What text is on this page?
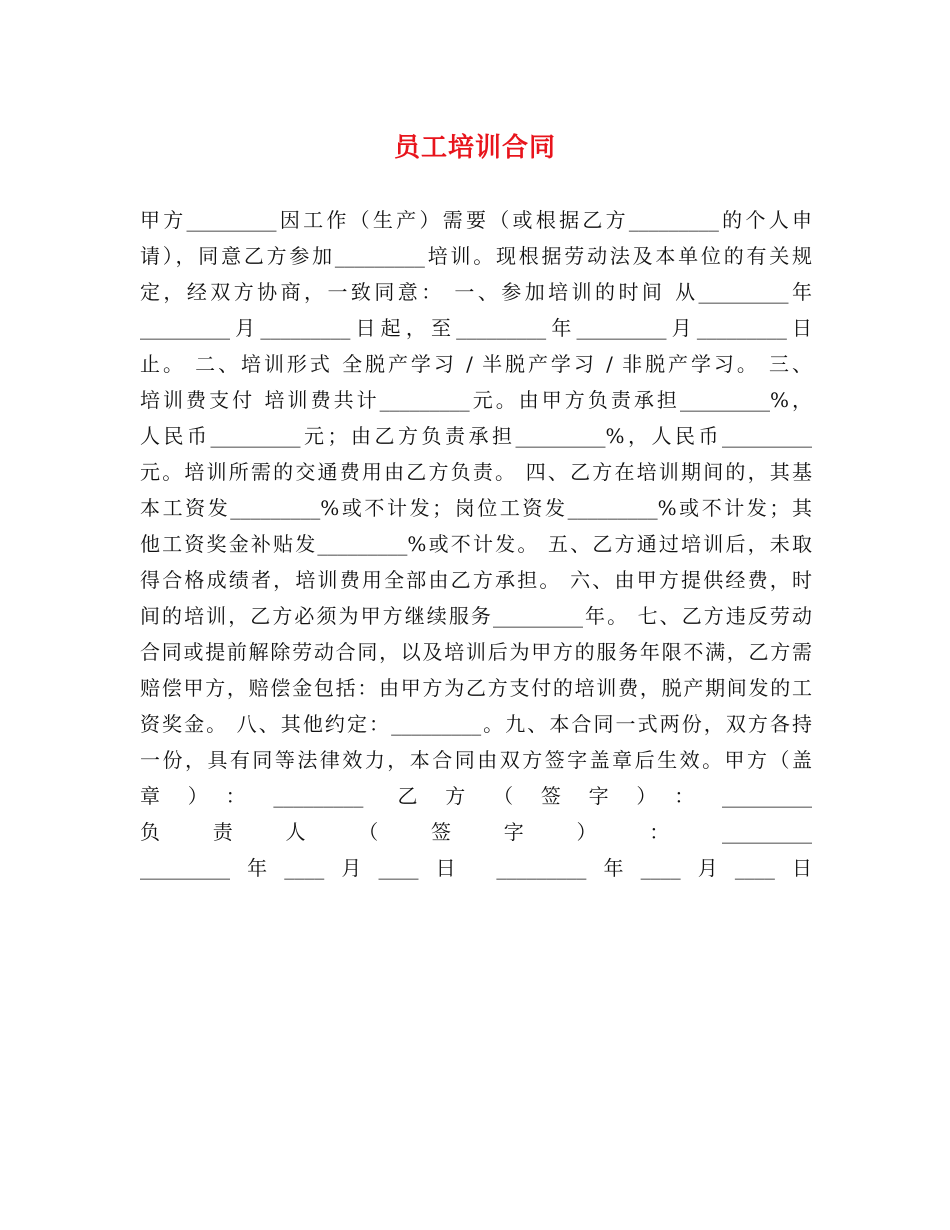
员工培训合同
甲方_________因工作（生产）需要（或根据乙方_________的个人申
请），同意乙方参加_________培训。现根据劳动法及本单位的有关规
定，经双方协商，一致同意： 一、参加培训的时间 从_________年
_________月_________日起，至_________年_________月_________日
止。 二、培训形式 全脱产学习 / 半脱产学习 / 非脱产学习。 三、
培训费支付 培训费共计_________元。由甲方负责承担_________%，
人民币_________元；由乙方负责承担_________%，人民币_________
元。培训所需的交通费用由乙方负责。 四、乙方在培训期间的，其基
本工资发_________%或不计发；岗位工资发_________%或不计发；其
他工资奖金补贴发_________%或不计发。 五、乙方通过培训后，未取
得合格成绩者，培训费用全部由乙方承担。 六、由甲方提供经费，时
间的培训，乙方必须为甲方继续服务_________年。 七、乙方违反劳动
合同或提前解除劳动合同，以及培训后为甲方的服务年限不满，乙方需
赔偿甲方，赔偿金包括：由甲方为乙方支付的培训费，脱产期间发的工
资奖金。 八、其他约定：_________。九、本合同一式两份，双方各持
一份，具有同等法律效力，本合同由双方签字盖章后生效。甲方（盖
章）：_________ 乙方（签字）：_________
负 责 人 （ 签 字 ） ： _________
_________年____月____日 _________年____月____日
